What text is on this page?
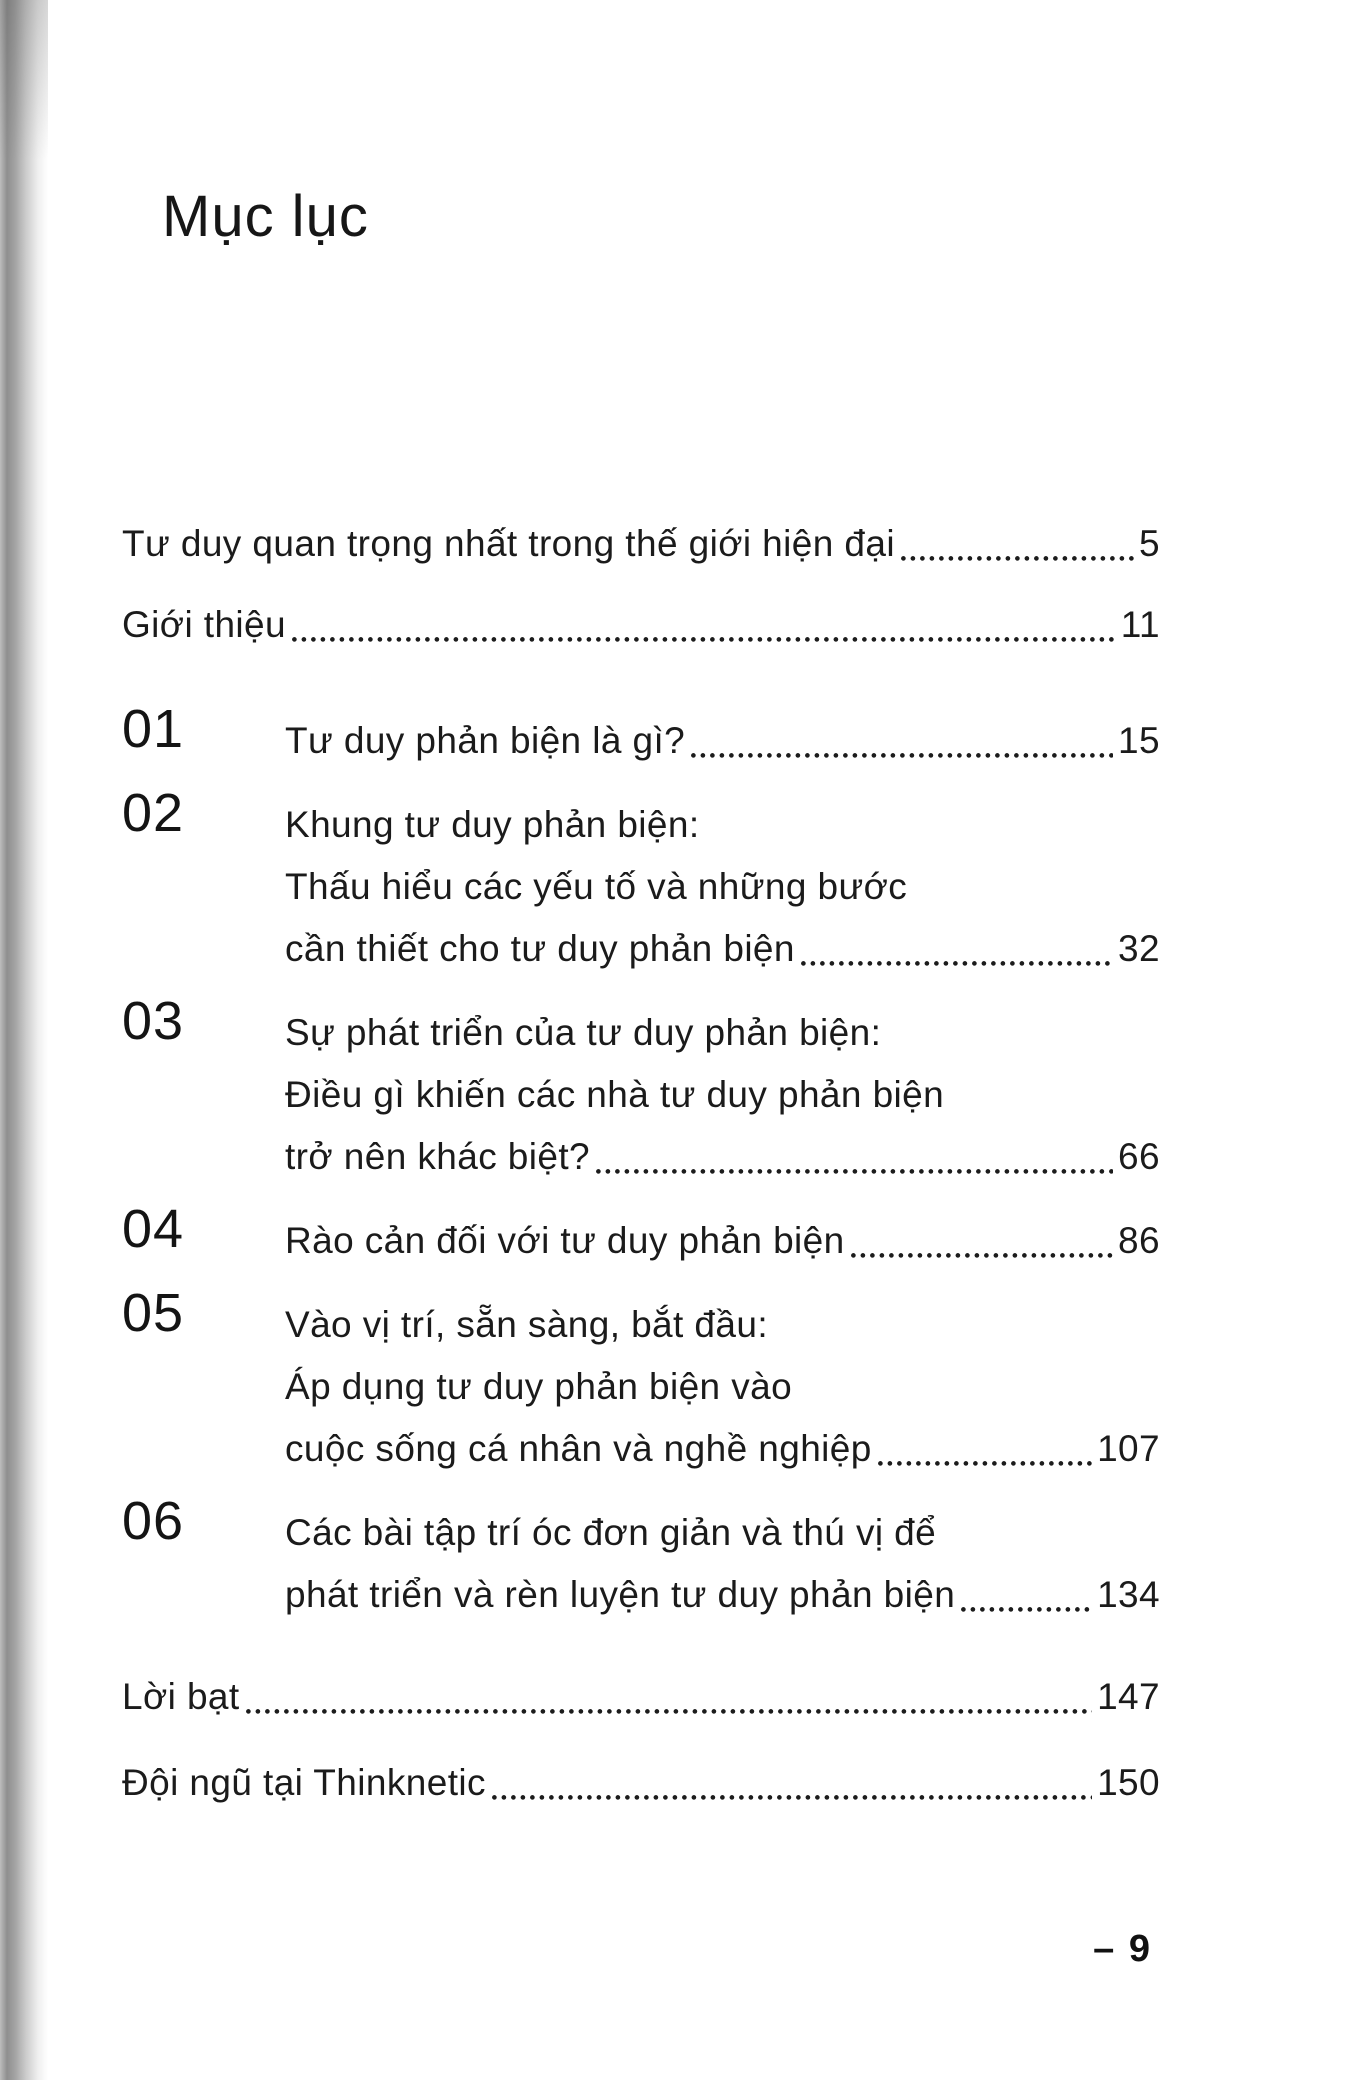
Mục lục
Tư duy quan trọng nhất trong thế giới hiện đại	5
Giới thiệu	11
01	Tư duy phản biện là gì?	15
02	Khung tư duy phản biện:
Thấu hiểu các yếu tố và những bước
cần thiết cho tư duy phản biện	32
03	Sự phát triển của tư duy phản biện:
Điều gì khiến các nhà tư duy phản biện
trở nên khác biệt?	66
04	Rào cản đối với tư duy phản biện	86
05	Vào vị trí, sẵn sàng, bắt đầu:
Áp dụng tư duy phản biện vào
cuộc sống cá nhân và nghề nghiệp	107
06	Các bài tập trí óc đơn giản và thú vị để
phát triển và rèn luyện tư duy phản biện	134
Lời bạt	147
Đội ngũ tại Thinknetic	150
– 9
